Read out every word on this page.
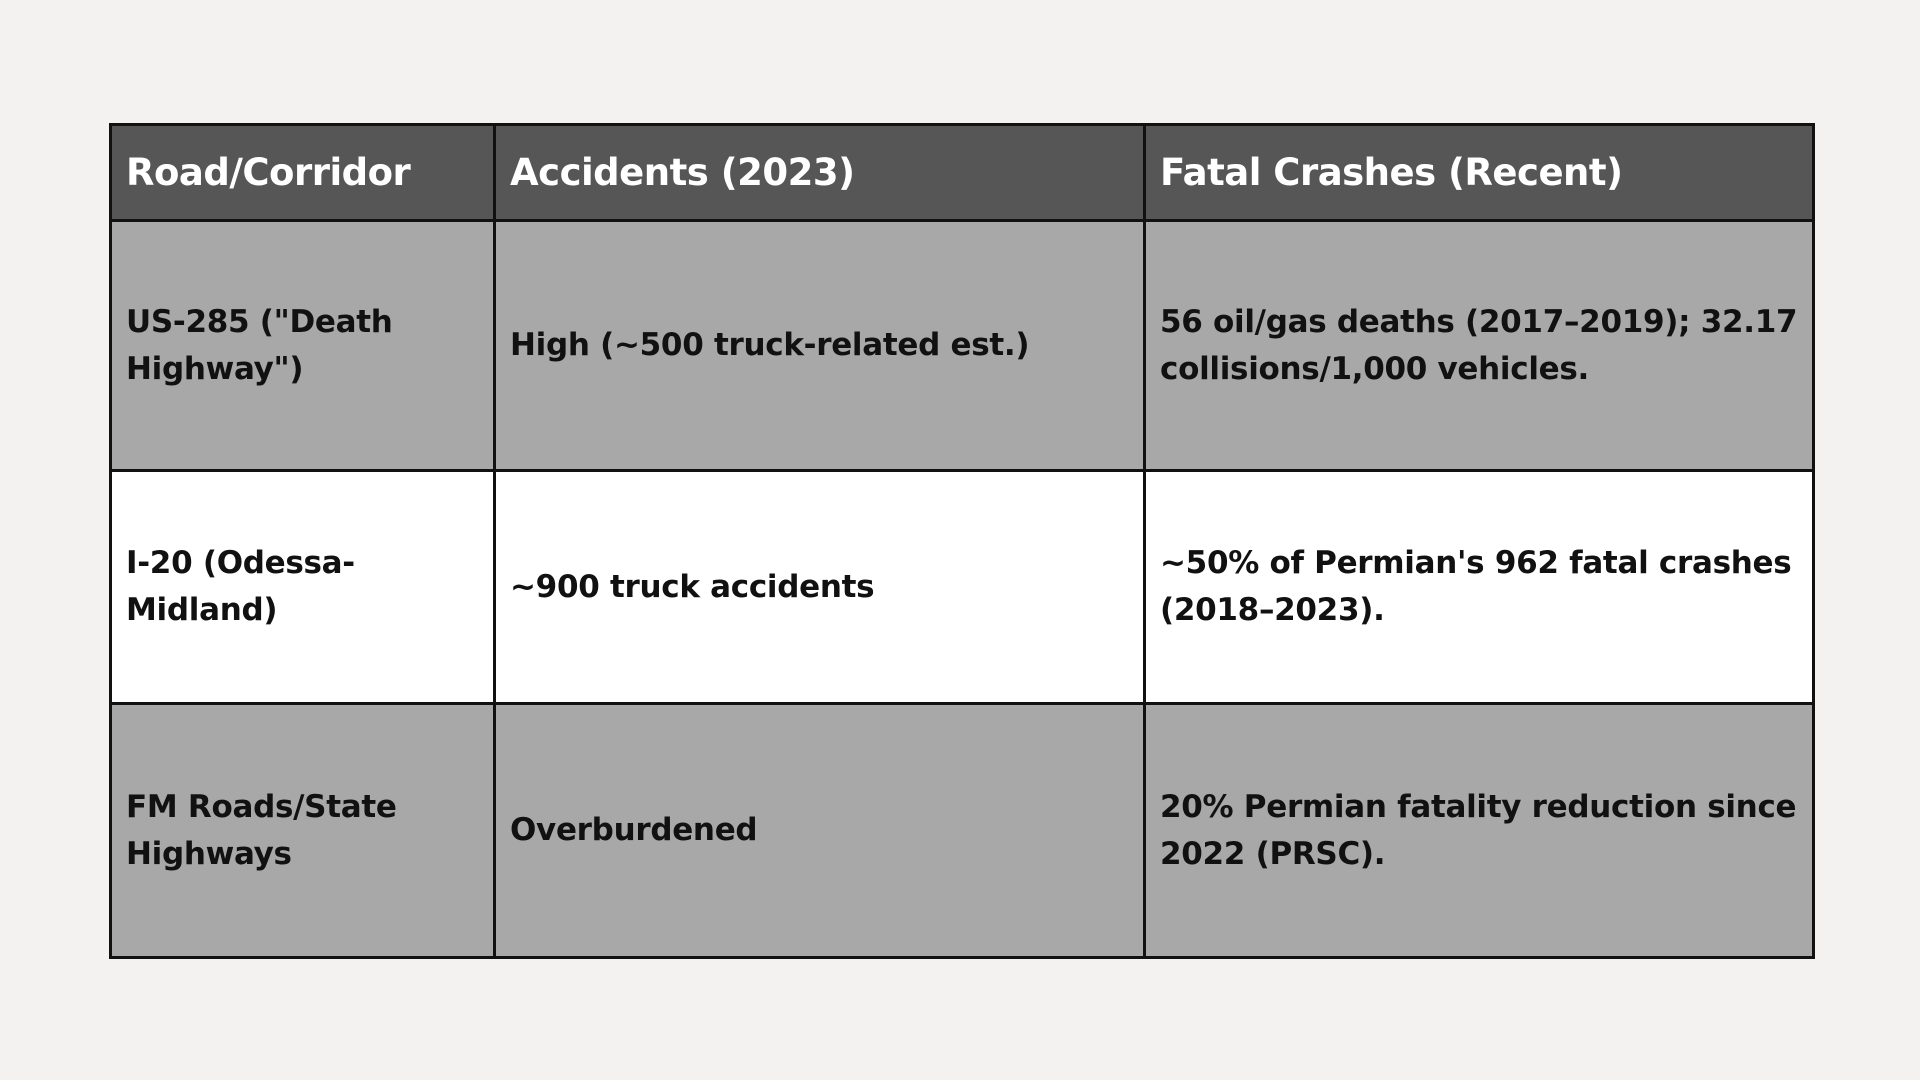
Road/Corridor	Accidents (2023)	Fatal Crashes (Recent)
US-285 ("Death Highway")	High (~500 truck-related est.)	56 oil/gas deaths (2017–2019); 32.17 collisions/1,000 vehicles.
I-20 (Odessa-Midland)	~900 truck accidents	~50% of Permian's 962 fatal crashes (2018–2023).
FM Roads/State Highways	Overburdened	20% Permian fatality reduction since 2022 (PRSC).
